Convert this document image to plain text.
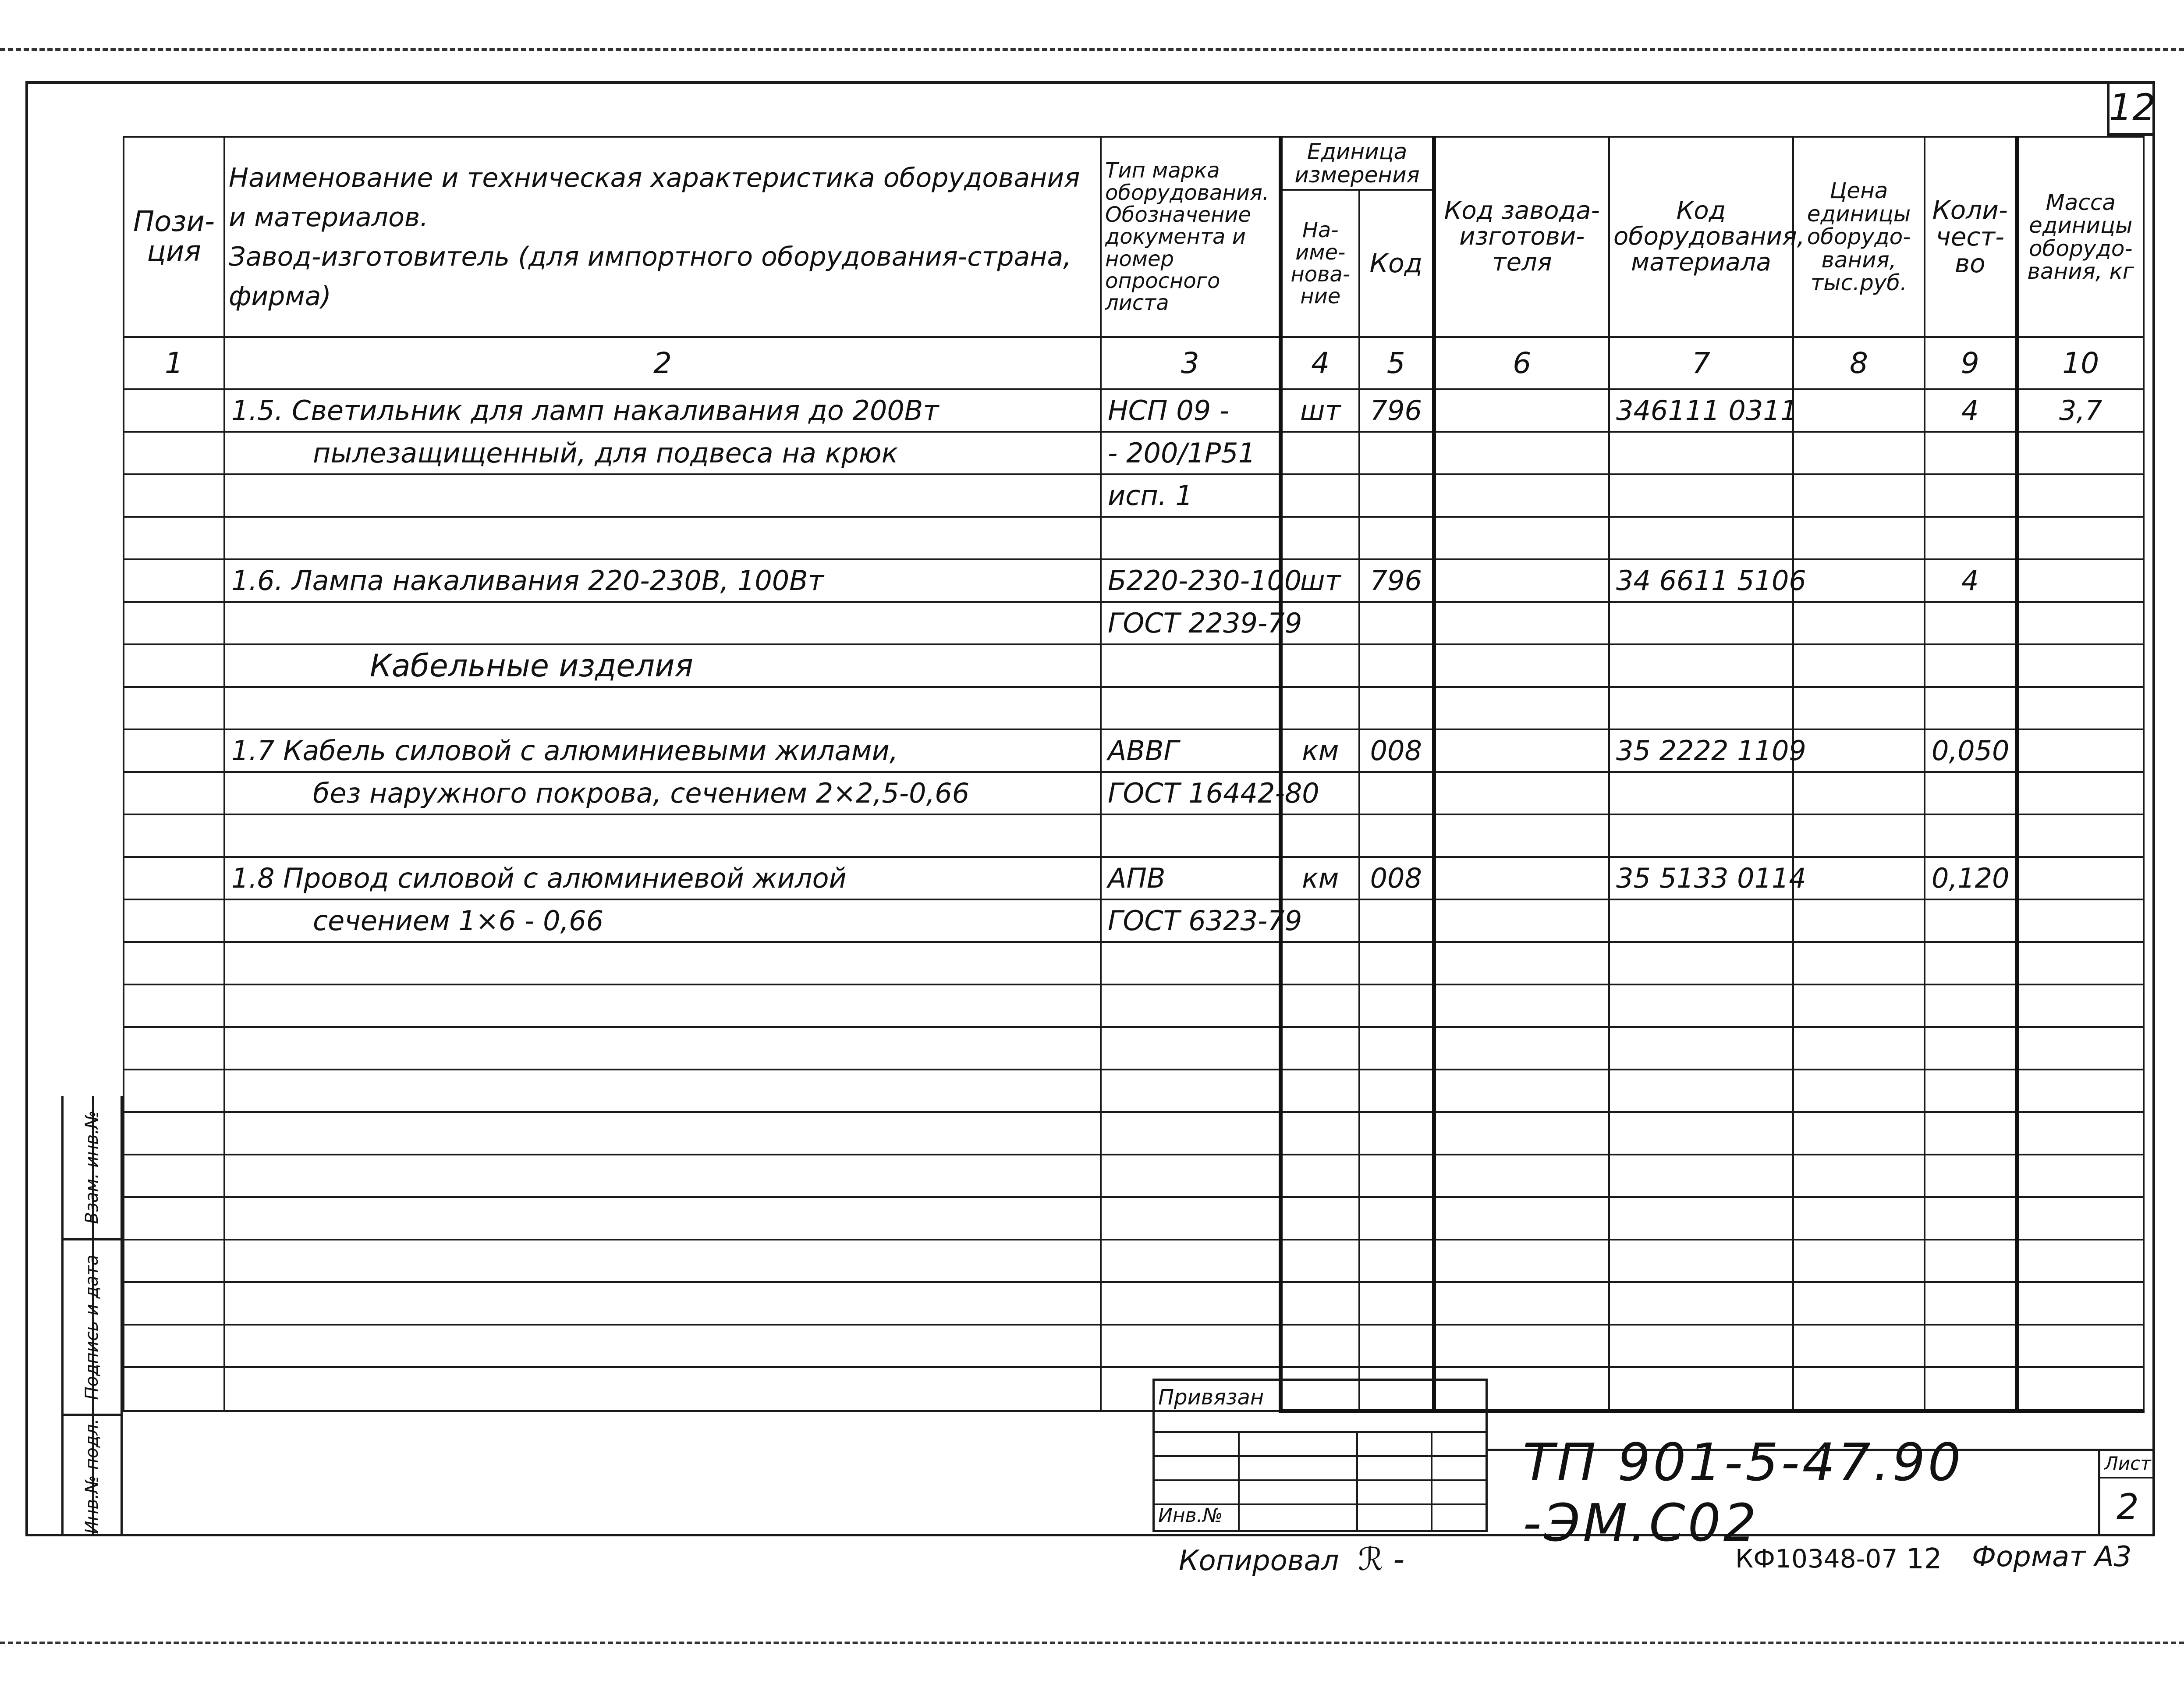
12
Пози-ция	Наименование и техническая характеристика оборудования и материалов.
Завод-изготовитель (для импортного оборудования-страна, фирма)	Тип марка оборудования. Обозначение документа и номер опросного листа	Единица измерения		Код завода-изготови-теля	Код оборудования, материала	Цена единицы оборудо-вания, тыс.руб.	Коли-чест-во	Масса единицы оборудо-вания, кг
			На-име-нова-ние	Код					
1	2	3	4	5	6	7	8	9	10
	1.5. Светильник для ламп накаливания до 200Вт	НСП 09 -	шт	796		346111 0311		4	3,7
	пылезащищенный, для подвеса на крюк	- 200/1Р51							
		исп. 1							

	1.6. Лампа накаливания 220-230В, 100Вт	Б220-230-100	шт	796		34 6611 5106		4	
		ГОСТ 2239-79							
	Кабельные изделия								

	1.7 Кабель силовой с алюминиевыми жилами,	АВВГ	км	008		35 2222 1109		0,050	
	без наружного покрова, сечением 2×2,5-0,66	ГОСТ 16442-80							

	1.8 Провод силовой с алюминиевой жилой	АПВ	км	008		35 5133 0114		0,120	
	сечением 1×6 - 0,66	ГОСТ 6323-79							

Взам. инв.№
Подпись и дата
Инв.№ подл.
Привязан
Инв.№
ТП 901-5-47.90 -ЭМ.С02
Лист
2
Копировал  ℛ -	КФ10348-07 12 Формат А3
